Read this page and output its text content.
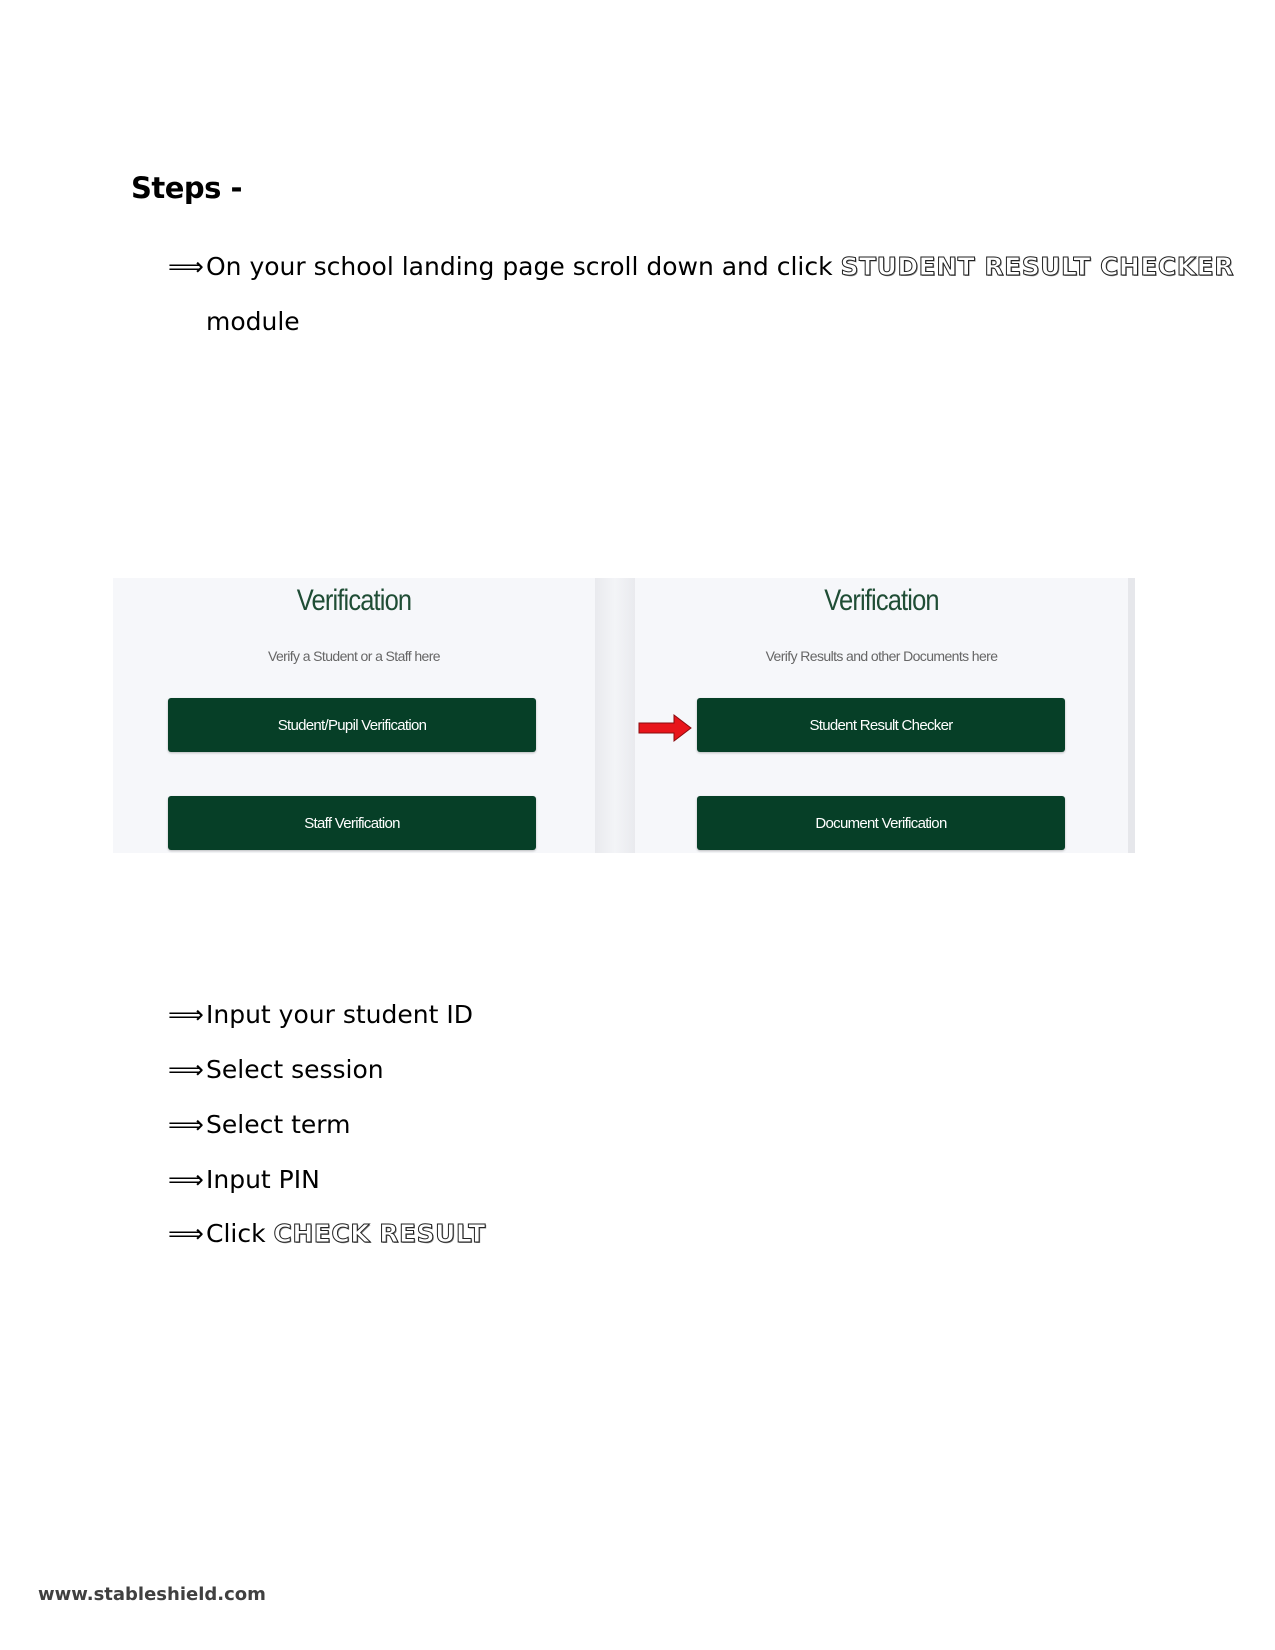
Steps -
⟹ On your school landing page scroll down and click STUDENT RESULT CHECKER
module
Verification
Verify a Student or a Staff here
Student/Pupil Verification
Staff Verification
Verification
Verify Results and other Documents here
Student Result Checker
Document Verification
⟹ Input your student ID
⟹ Select session
⟹ Select term
⟹ Input PIN
⟹ Click CHECK RESULT
www.stableshield.com
